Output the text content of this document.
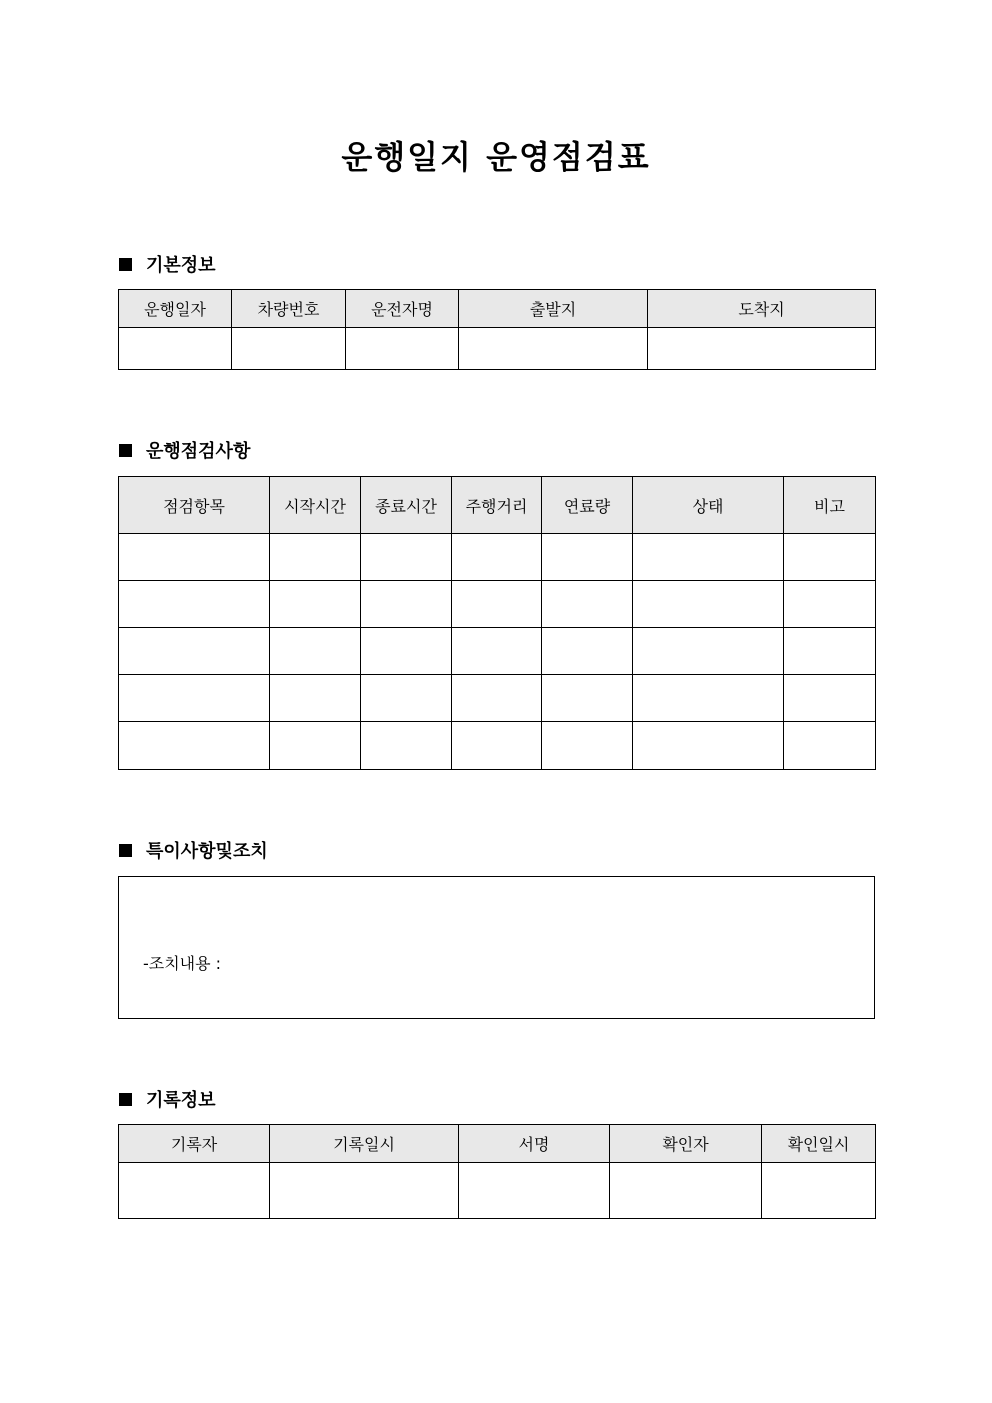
운행일지 운영점검표
기본정보
운행일자	차량번호	운전자명	출발지	도착지

운행점검사항
점검항목	시작시간	종료시간	주행거리	연료량	상태	비고

특이사항및조치
-조치내용 :
기록정보
기록자	기록일시	서명	확인자	확인일시
